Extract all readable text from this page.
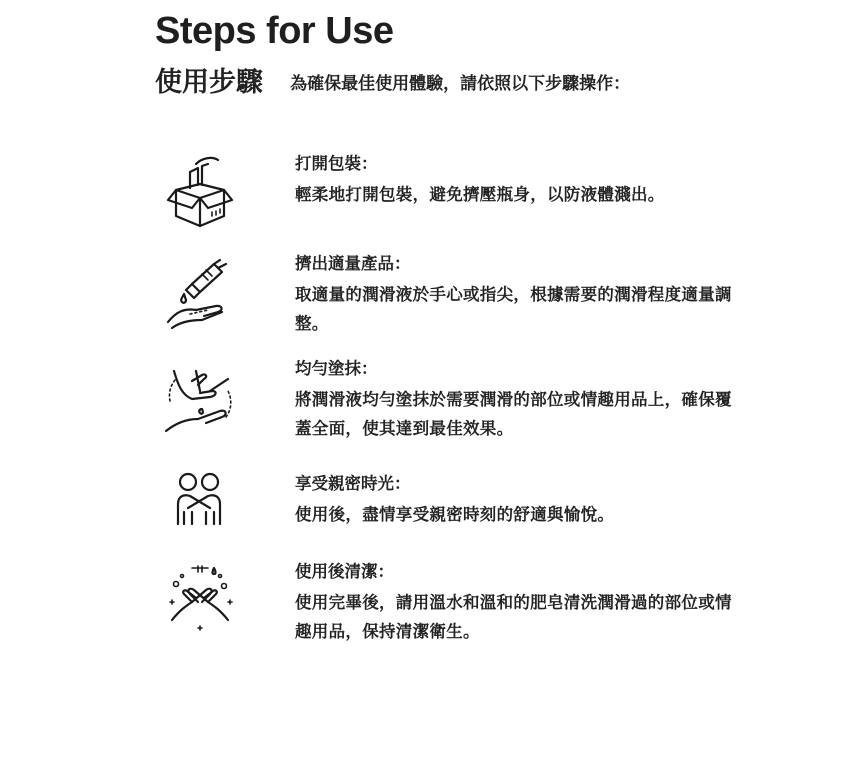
Steps for Use
使用步驟 為確保最佳使用體驗，請依照以下步驟操作：

打開包裝：

輕柔地打開包裝，避免擠壓瓶身，以防液體濺出。

擠出適量產品：

取適量的潤滑液於手心或指尖，根據需要的潤滑程度適量調整。

均勻塗抹：

將潤滑液均勻塗抹於需要潤滑的部位或情趣用品上，確保覆蓋全面，使其達到最佳效果。

享受親密時光：

使用後，盡情享受親密時刻的舒適與愉悅。

使用後清潔：

使用完畢後，請用溫水和溫和的肥皂清洗潤滑過的部位或情趣用品，保持清潔衛生。
